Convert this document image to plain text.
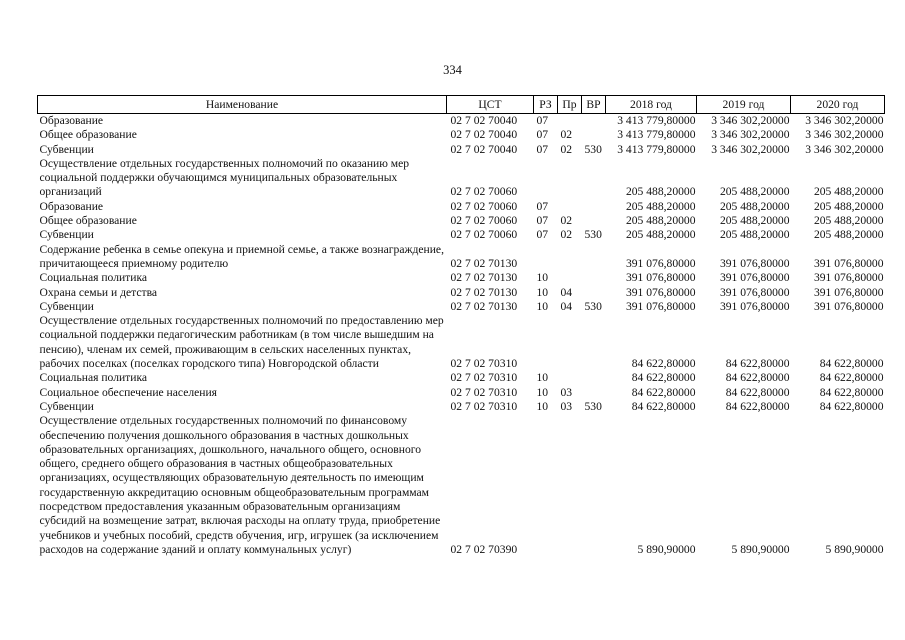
334
Наименование	ЦСТ	РЗ	Пр	ВР	2018 год	2019 год	2020 год
Образование	02 7 02 70040	07			3 413 779,80000	3 346 302,20000	3 346 302,20000
Общее образование	02 7 02 70040	07	02		3 413 779,80000	3 346 302,20000	3 346 302,20000
Субвенции	02 7 02 70040	07	02	530	3 413 779,80000	3 346 302,20000	3 346 302,20000
Осуществление отдельных государственных полномочий по оказанию мер социальной поддержки обучающимся муниципальных образовательных организаций	02 7 02 70060				205 488,20000	205 488,20000	205 488,20000
Образование	02 7 02 70060	07			205 488,20000	205 488,20000	205 488,20000
Общее образование	02 7 02 70060	07	02		205 488,20000	205 488,20000	205 488,20000
Субвенции	02 7 02 70060	07	02	530	205 488,20000	205 488,20000	205 488,20000
Содержание ребенка в семье опекуна и приемной семье, а также вознаграждение, причитающееся приемному родителю	02 7 02 70130				391 076,80000	391 076,80000	391 076,80000
Социальная политика	02 7 02 70130	10			391 076,80000	391 076,80000	391 076,80000
Охрана семьи и детства	02 7 02 70130	10	04		391 076,80000	391 076,80000	391 076,80000
Субвенции	02 7 02 70130	10	04	530	391 076,80000	391 076,80000	391 076,80000
Осуществление отдельных государственных полномочий по предоставлению мер социальной поддержки педагогическим работникам (в том числе вышедшим на пенсию), членам их семей, проживающим в сельских населенных пунктах, рабочих поселках (поселках городского типа) Новгородской области	02 7 02 70310				84 622,80000	84 622,80000	84 622,80000
Социальная политика	02 7 02 70310	10			84 622,80000	84 622,80000	84 622,80000
Социальное обеспечение населения	02 7 02 70310	10	03		84 622,80000	84 622,80000	84 622,80000
Субвенции	02 7 02 70310	10	03	530	84 622,80000	84 622,80000	84 622,80000
Осуществление отдельных государственных полномочий по финансовому обеспечению получения дошкольного образования в частных дошкольных образовательных организациях, дошкольного, начального общего, основного общего, среднего общего образования в частных общеобразовательных организациях, осуществляющих образовательную деятельность по имеющим государственную аккредитацию основным общеобразовательным программам посредством предоставления указанным образовательным организациям субсидий на возмещение затрат, включая расходы на оплату труда, приобретение учебников и учебных пособий, средств обучения, игр, игрушек (за исключением расходов на содержание зданий и оплату коммунальных услуг)	02 7 02 70390				5 890,90000	5 890,90000	5 890,90000
